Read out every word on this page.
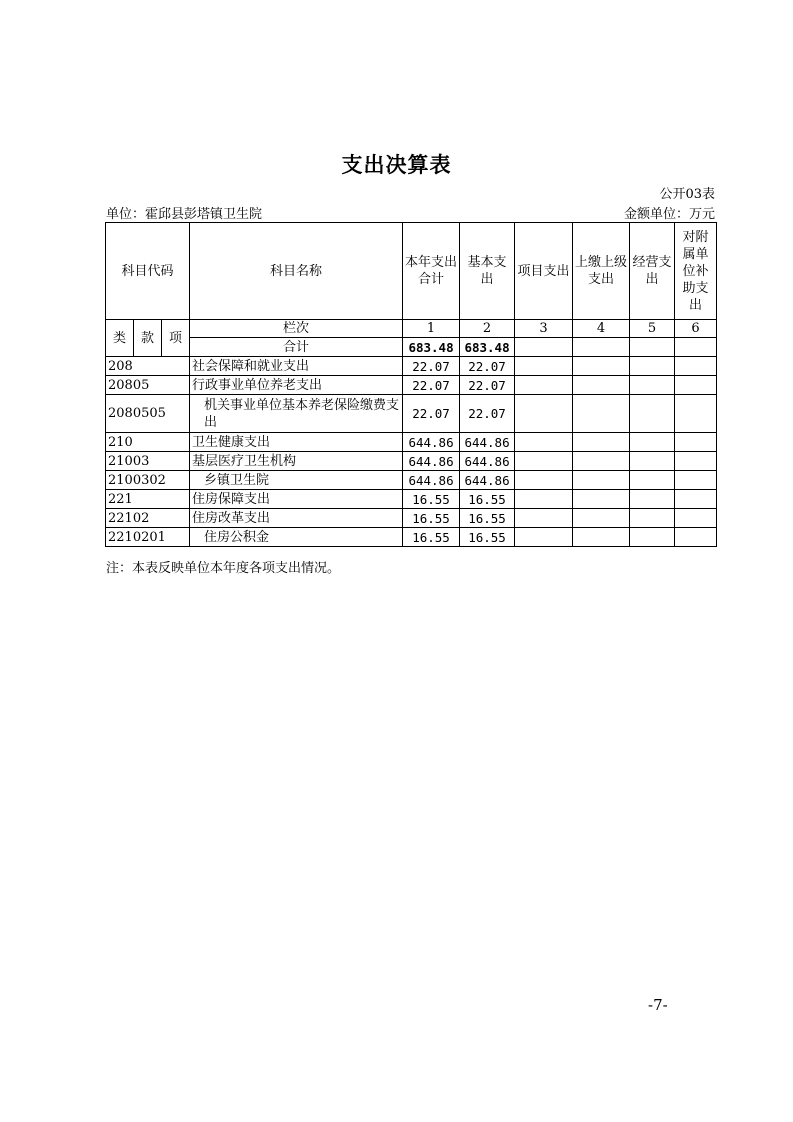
支出决算表
公开03表
单位：霍邱县彭塔镇卫生院	金额单位：万元
科目代码			科目名称	本年支出合计	基本支出	项目支出	上缴上级支出	经营支出	对附属单位补助支出
类	款	项	栏次	1	2	3	4	5	6
			合计	683.48	683.48				
208			社会保障和就业支出	22.07	22.07				
20805			行政事业单位养老支出	22.07	22.07				
2080505			机关事业单位基本养老保险缴费支出	22.07	22.07				
210			卫生健康支出	644.86	644.86				
21003			基层医疗卫生机构	644.86	644.86				
2100302			乡镇卫生院	644.86	644.86				
221			住房保障支出	16.55	16.55				
22102			住房改革支出	16.55	16.55				
2210201			住房公积金	16.55	16.55				
注：本表反映单位本年度各项支出情况。
-7-
